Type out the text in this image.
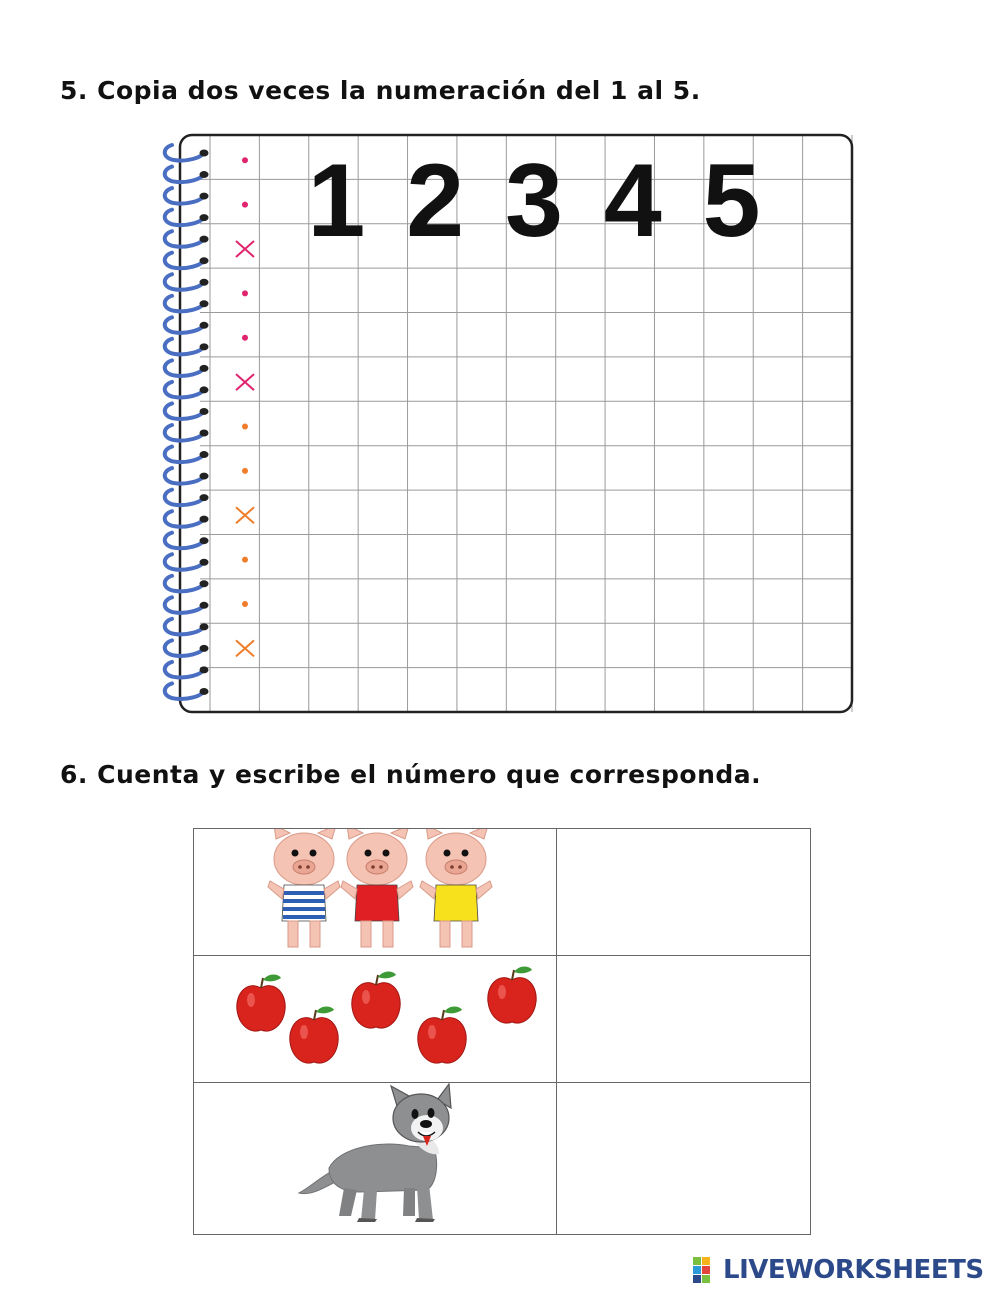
5. Copia dos veces la numeración del 1 al 5.
1 2 3 4 5
6. Cuenta y escribe el número que corresponda.

LIVEWORKSHEETS
